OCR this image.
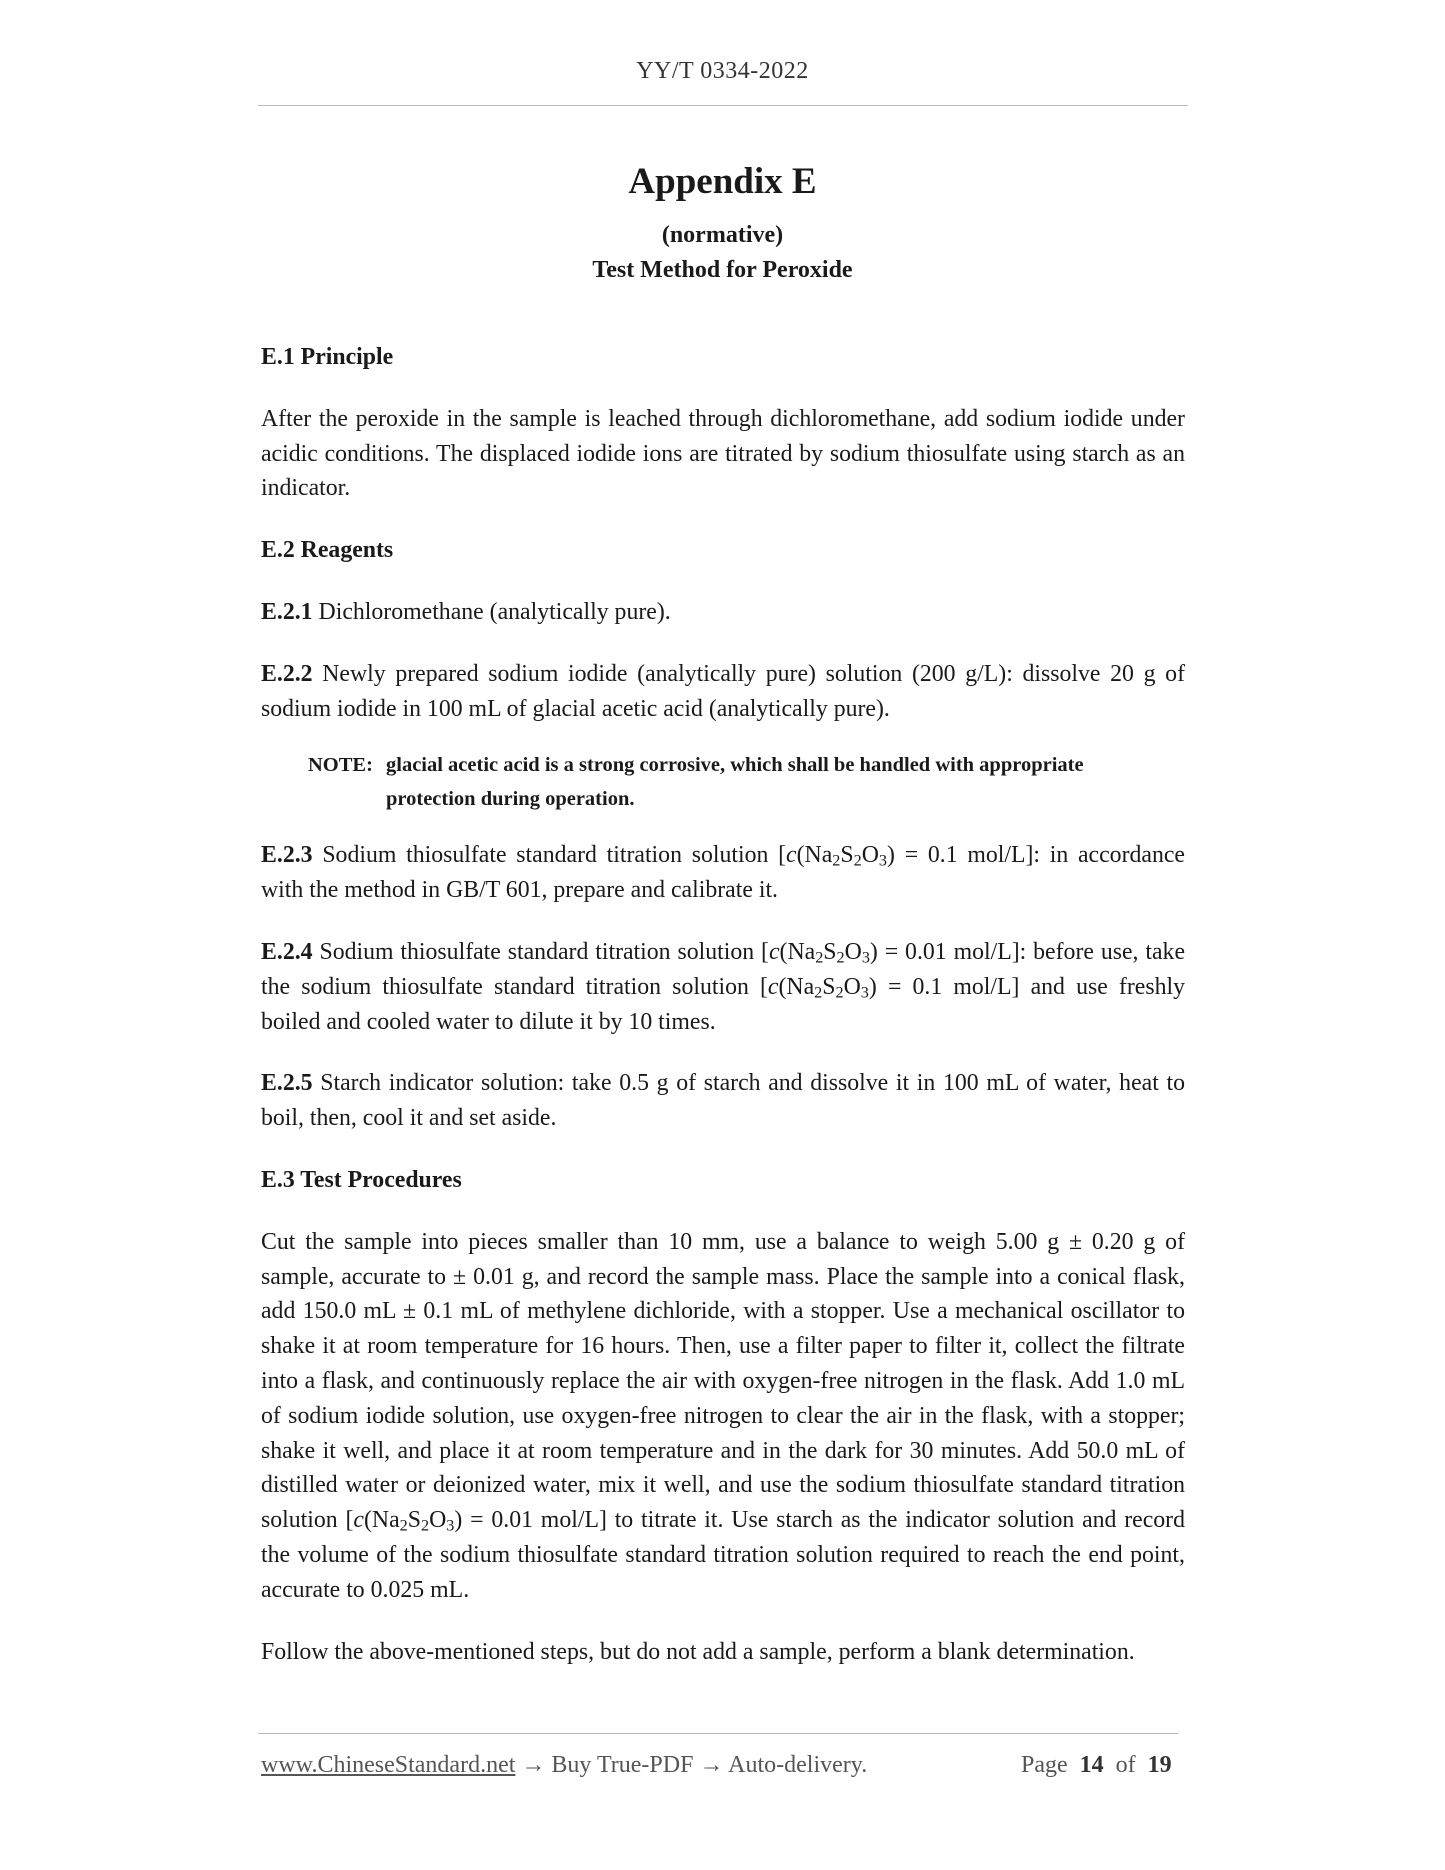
YY/T 0334-2022
Appendix E
(normative)
Test Method for Peroxide

E.1 Principle

After the peroxide in the sample is leached through dichloromethane, add sodium iodide under acidic conditions. The displaced iodide ions are titrated by sodium thiosulfate using starch as an indicator.

E.2 Reagents

E.2.1 Dichloromethane (analytically pure).

E.2.2 Newly prepared sodium iodide (analytically pure) solution (200 g/L): dissolve 20 g of sodium iodide in 100 mL of glacial acetic acid (analytically pure).

NOTE: glacial acetic acid is a strong corrosive, which shall be handled with appropriate
protection during operation.

E.2.3 Sodium thiosulfate standard titration solution [$c(Na_2S_2O_3) = 0.1$ mol/L]: in accordance with the method in GB/T 601, prepare and calibrate it.

E.2.4 Sodium thiosulfate standard titration solution [$c(Na_2S_2O_3) = 0.01$ mol/L]: before use, take the sodium thiosulfate standard titration solution [$c(Na_2S_2O_3) = 0.1$ mol/L] and use freshly boiled and cooled water to dilute it by 10 times.

E.2.5 Starch indicator solution: take 0.5 g of starch and dissolve it in 100 mL of water, heat to boil, then, cool it and set aside.

E.3 Test Procedures

Cut the sample into pieces smaller than 10 mm, use a balance to weigh 5.00 g ± 0.20 g of sample, accurate to ± 0.01 g, and record the sample mass. Place the sample into a conical flask, add 150.0 mL ± 0.1 mL of methylene dichloride, with a stopper. Use a mechanical oscillator to shake it at room temperature for 16 hours. Then, use a filter paper to filter it, collect the filtrate into a flask, and continuously replace the air with oxygen-free nitrogen in the flask. Add 1.0 mL of sodium iodide solution, use oxygen-free nitrogen to clear the air in the flask, with a stopper; shake it well, and place it at room temperature and in the dark for 30 minutes. Add 50.0 mL of distilled water or deionized water, mix it well, and use the sodium thiosulfate standard titration solution [$c(Na_2S_2O_3) = 0.01$ mol/L] to titrate it. Use starch as the indicator solution and record the volume of the sodium thiosulfate standard titration solution required to reach the end point, accurate to 0.025 mL.

Follow the above-mentioned steps, but do not add a sample, perform a blank determination.

www.ChineseStandard.net → Buy True-PDF → Auto-delivery.	Page 14 of 19
